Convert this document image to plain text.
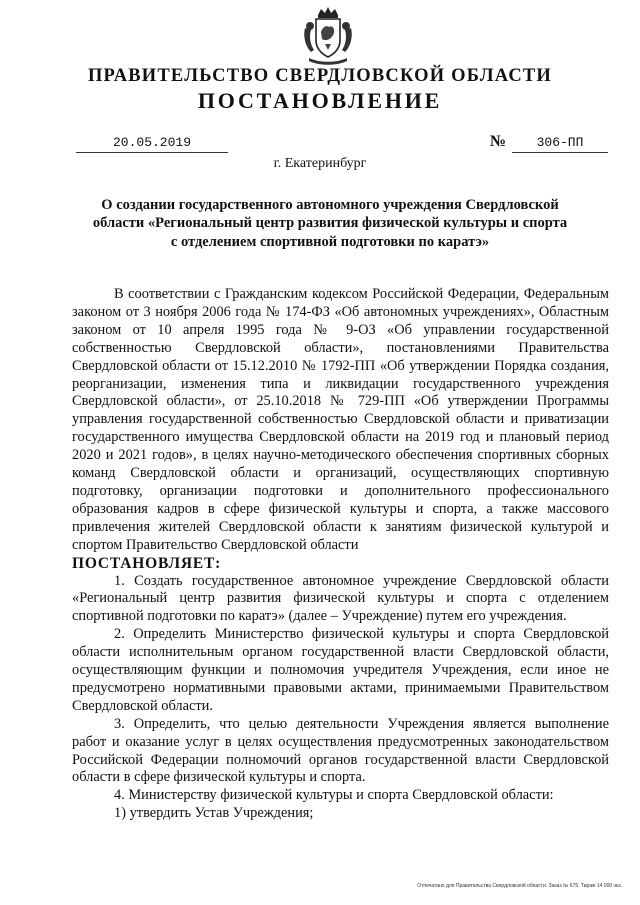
ПРАВИТЕЛЬСТВО СВЕРДЛОВСКОЙ ОБЛАСТИ
ПОСТАНОВЛЕНИЕ
20.05.2019	№	306-ПП
г. Екатеринбург
О создании государственного автономного учреждения Свердловской области «Региональный центр развития физической культуры и спорта с отделением спортивной подготовки по каратэ»

В соответствии с Гражданским кодексом Российской Федерации, Федеральным законом от 3 ноября 2006 года № 174-ФЗ «Об автономных учреждениях», Областным законом от 10 апреля 1995 года № 9-ОЗ «Об управлении государственной собственностью Свердловской области», постановлениями Правительства Свердловской области от 15.12.2010 № 1792-ПП «Об утверждении Порядка создания, реорганизации, изменения типа и ликвидации государственного учреждения Свердловской области», от 25.10.2018 № 729-ПП «Об утверждении Программы управления государственной собственностью Свердловской области и приватизации государственного имущества Свердловской области на 2019 год и плановый период 2020 и 2021 годов», в целях научно-методического обеспечения спортивных сборных команд Свердловской области и организаций, осуществляющих спортивную подготовку, организации подготовки и дополнительного профессионального образования кадров в сфере физической культуры и спорта, а также массового привлечения жителей Свердловской области к занятиям физической культурой и спортом Правительство Свердловской области

ПОСТАНОВЛЯЕТ:

1. Создать государственное автономное учреждение Свердловской области «Региональный центр развития физической культуры и спорта с отделением спортивной подготовки по каратэ» (далее – Учреждение) путем его учреждения.

2. Определить Министерство физической культуры и спорта Свердловской области исполнительным органом государственной власти Свердловской области, осуществляющим функции и полномочия учредителя Учреждения, если иное не предусмотрено нормативными правовыми актами, принимаемыми Правительством Свердловской области.

3. Определить, что целью деятельности Учреждения является выполнение работ и оказание услуг в целях осуществления предусмотренных законодательством Российской Федерации полномочий органов государственной власти Свердловской области в сфере физической культуры и спорта.

4. Министерству физической культуры и спорта Свердловской области:

1) утвердить Устав Учреждения;

Отпечатано для Правительства Свердловской области. Заказ № 675. Тираж 14 000 экз.
